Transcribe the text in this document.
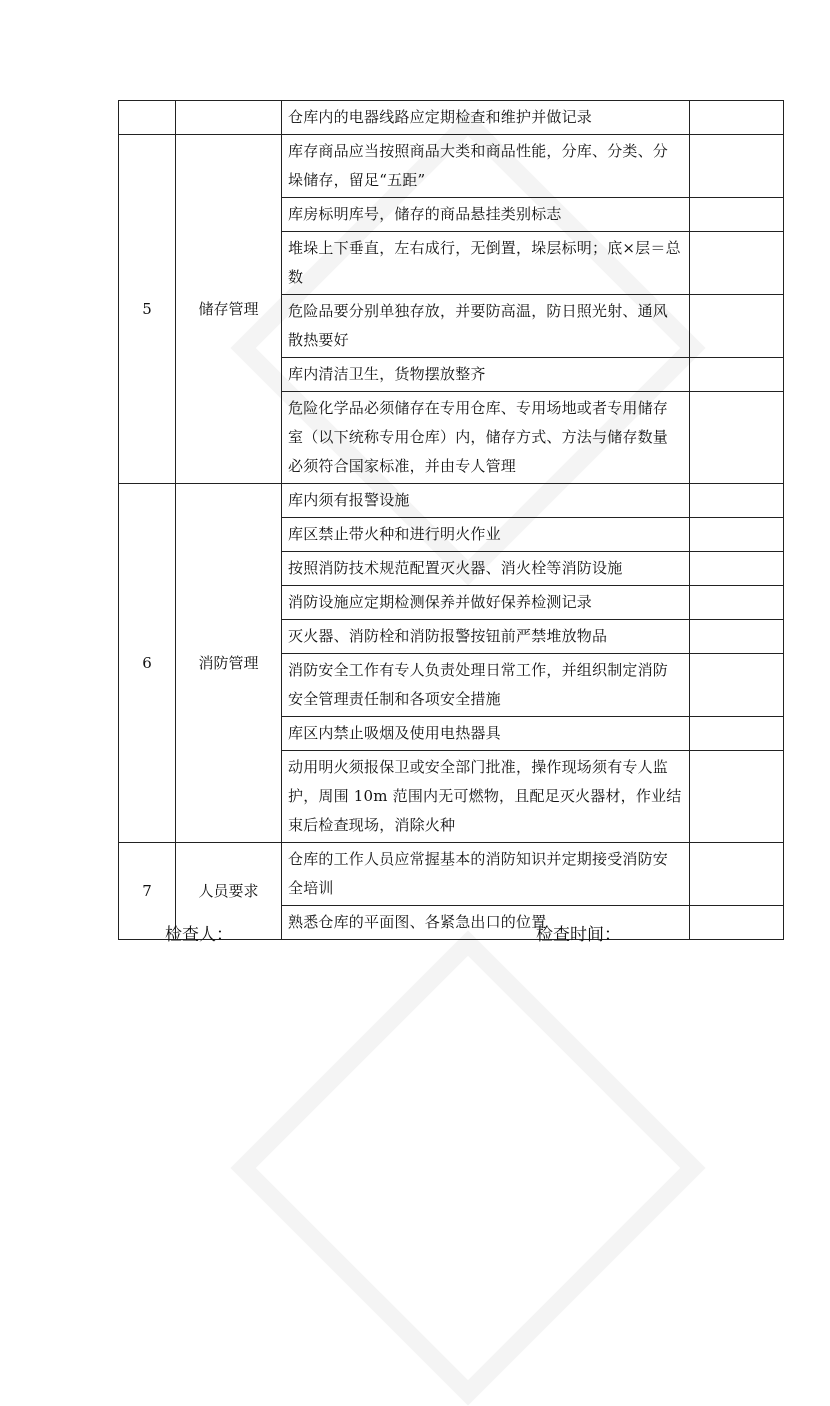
		仓库内的电器线路应定期检查和维护并做记录	
5	储存管理	库存商品应当按照商品大类和商品性能，分库、分类、分垛储存，留足“五距”	
		库房标明库号，储存的商品悬挂类别标志	
		堆垛上下垂直，左右成行，无倒置，垛层标明；底×层＝总数	
		危险品要分别单独存放，并要防高温，防日照光射、通风散热要好	
		库内清洁卫生，货物摆放整齐	
		危险化学品必须储存在专用仓库、专用场地或者专用储存室（以下统称专用仓库）内，储存方式、方法与储存数量必须符合国家标准，并由专人管理	
6	消防管理	库内须有报警设施	
		库区禁止带火种和进行明火作业	
		按照消防技术规范配置灭火器、消火栓等消防设施	
		消防设施应定期检测保养并做好保养检测记录	
		灭火器、消防栓和消防报警按钮前严禁堆放物品	
		消防安全工作有专人负责处理日常工作，并组织制定消防安全管理责任制和各项安全措施	
		库区内禁止吸烟及使用电热器具	
		动用明火须报保卫或安全部门批准，操作现场须有专人监护，周围 10m 范围内无可燃物，且配足灭火器材，作业结束后检查现场，消除火种	
7	人员要求	仓库的工作人员应常握基本的消防知识并定期接受消防安全培训	
		熟悉仓库的平面图、各紧急出口的位置	
检查人：	检查时间：
